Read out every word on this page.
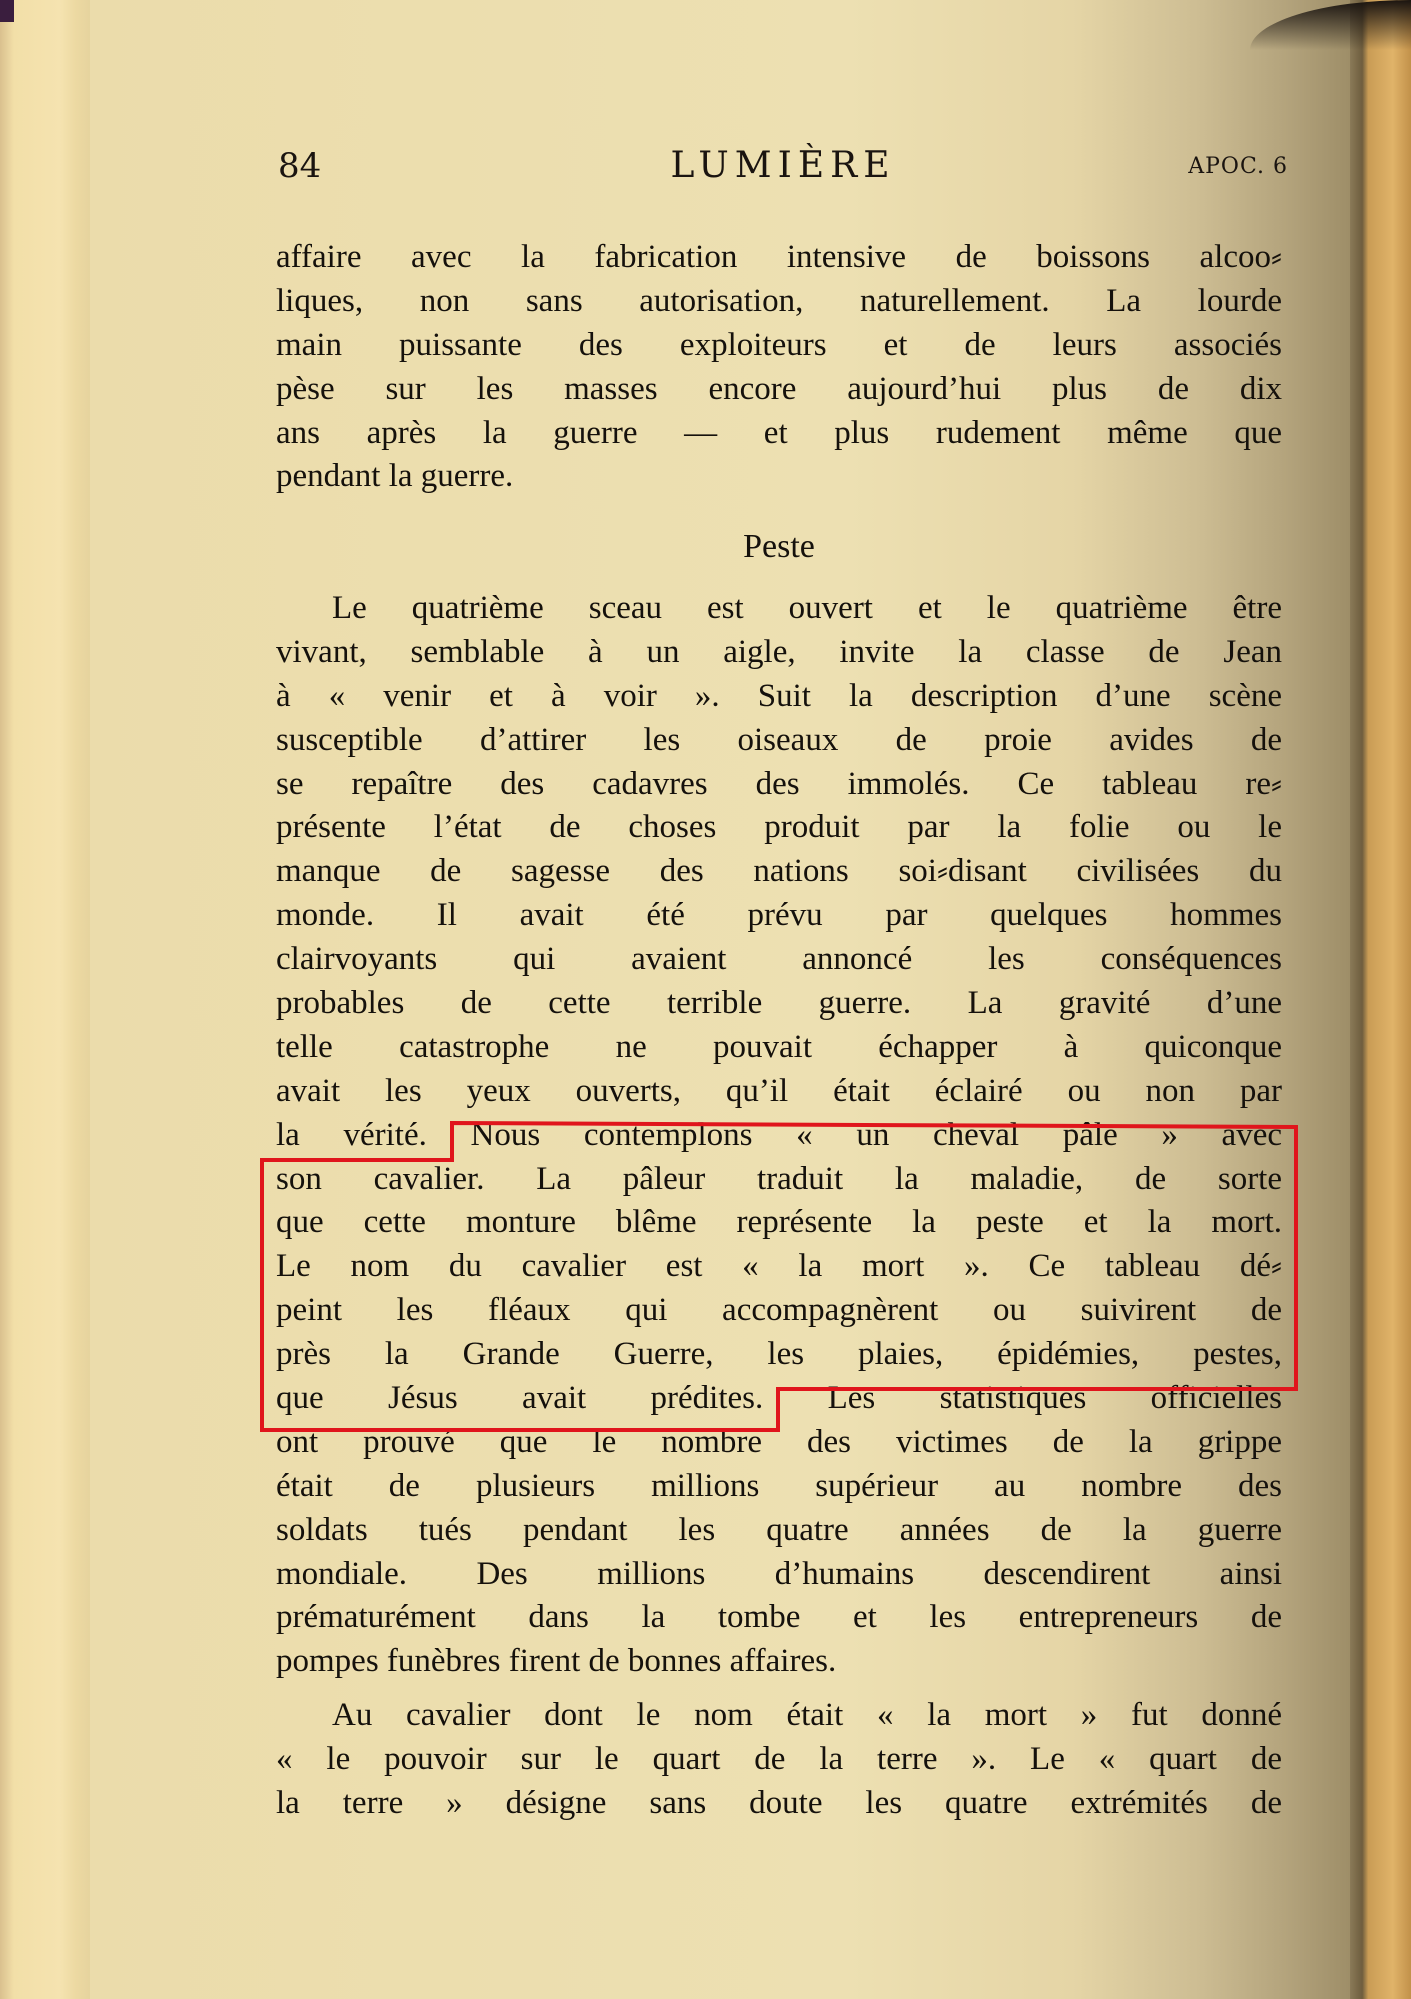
84	LUMIÈRE	APOC. 6
affaire avec la fabrication intensive de boissons alcoo⸗
liques, non sans autorisation, naturellement. La lourde
main puissante des exploiteurs et de leurs associés
pèse sur les masses encore aujourd’hui plus de dix
ans après la guerre — et plus rudement même que
pendant la guerre.
Peste
Le quatrième sceau est ouvert et le quatrième être
vivant, semblable à un aigle, invite la classe de Jean
à « venir et à voir ». Suit la description d’une scène
susceptible d’attirer les oiseaux de proie avides de
se repaître des cadavres des immolés. Ce tableau re⸗
présente l’état de choses produit par la folie ou le
manque de sagesse des nations soi⸗disant civilisées du
monde. Il avait été prévu par quelques hommes
clairvoyants qui avaient annoncé les conséquences
probables de cette terrible guerre. La gravité d’une
telle catastrophe ne pouvait échapper à quiconque
avait les yeux ouverts, qu’il était éclairé ou non par
la vérité. Nous contemplons « un cheval pâle » avec
son cavalier. La pâleur traduit la maladie, de sorte
que cette monture blême représente la peste et la mort.
Le nom du cavalier est « la mort ». Ce tableau dé⸗
peint les fléaux qui accompagnèrent ou suivirent de
près la Grande Guerre, les plaies, épidémies, pestes,
que Jésus avait prédites. Les statistiques officielles
ont prouvé que le nombre des victimes de la grippe
était de plusieurs millions supérieur au nombre des
soldats tués pendant les quatre années de la guerre
mondiale. Des millions d’humains descendirent ainsi
prématurément dans la tombe et les entrepreneurs de
pompes funèbres firent de bonnes affaires.
Au cavalier dont le nom était « la mort » fut donné
« le pouvoir sur le quart de la terre ». Le « quart de
la terre » désigne sans doute les quatre extrémités de
